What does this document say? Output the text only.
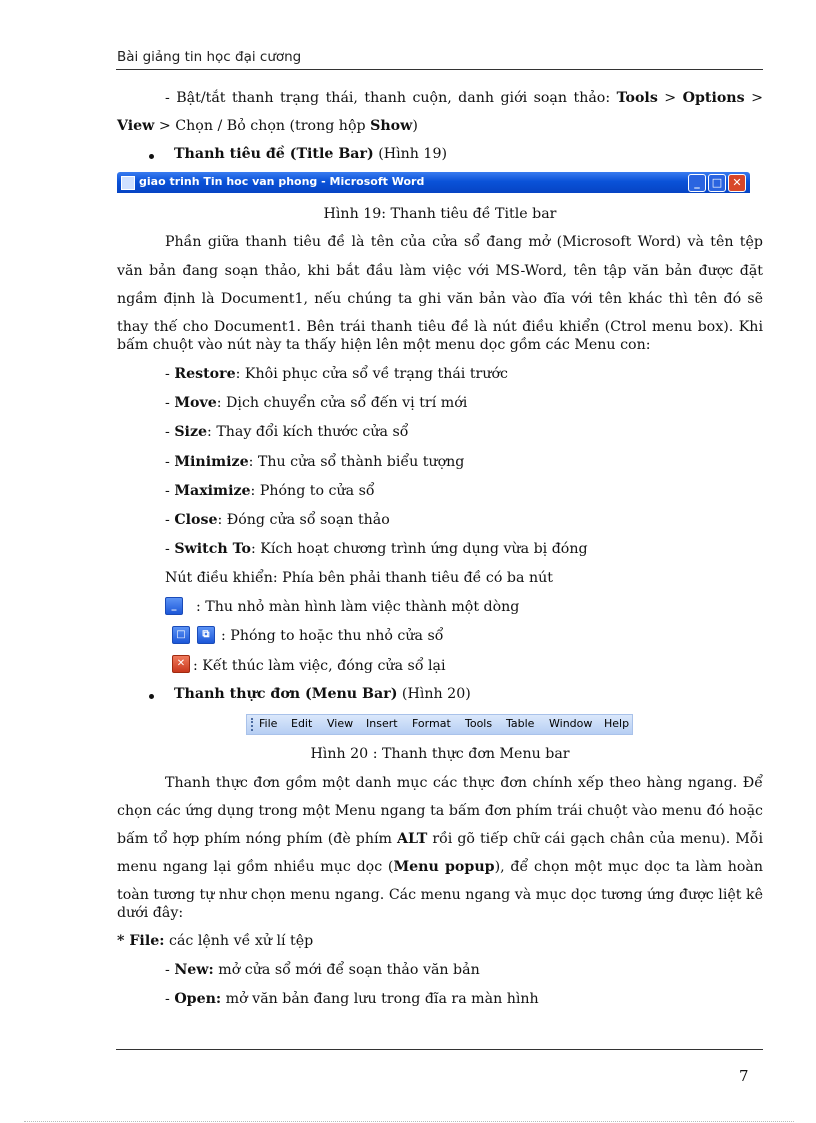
Bài giảng tin học đại cương
- Bật/tắt thanh trạng thái, thanh cuộn, danh giới soạn thảo: Tools > Options >
View > Chọn / Bỏ chọn (trong hộp Show)
Thanh tiêu đề (Title Bar) (Hình 19)
giao trinh Tin hoc van phong - Microsoft Word	_	□ ✕
Hình 19: Thanh tiêu đề Title bar
Phần giữa thanh tiêu đề là tên của cửa sổ đang mở (Microsoft Word) và tên tệp
văn bản đang soạn thảo, khi bắt đầu làm việc với MS-Word, tên tập văn bản được đặt
ngầm định là Document1, nếu chúng ta ghi văn bản vào đĩa với tên khác thì tên đó sẽ
thay thế cho Document1. Bên trái thanh tiêu đề là nút điều khiển (Ctrol menu box). Khi
bấm chuột vào nút này ta thấy hiện lên một menu dọc gồm các Menu con:
- Restore: Khôi phục cửa sổ về trạng thái trước
- Move: Dịch chuyển cửa sổ đến vị trí mới
- Size: Thay đổi kích thước cửa sổ
- Minimize: Thu cửa sổ thành biểu tượng
- Maximize: Phóng to cửa sổ
- Close: Đóng cửa sổ soạn thảo
- Switch To: Kích hoạt chương trình ứng dụng vừa bị đóng
Nút điều khiển: Phía bên phải thanh tiêu đề có ba nút
_	: Thu nhỏ màn hình làm việc thành một dòng
□	⧉ : Phóng to hoặc thu nhỏ cửa sổ
✕ : Kết thúc làm việc, đóng cửa sổ lại
Thanh thực đơn (Menu Bar) (Hình 20)
File Edit View Insert Format Tools Table Window Help
Hình 20 : Thanh thực đơn Menu bar
Thanh thực đơn gồm một danh mục các thực đơn chính xếp theo hàng ngang. Để
chọn các ứng dụng trong một Menu ngang ta bấm đơn phím trái chuột vào menu đó hoặc
bấm tổ hợp phím nóng phím (đè phím ALT rồi gõ tiếp chữ cái gạch chân của menu). Mỗi
menu ngang lại gồm nhiều mục dọc (Menu popup), để chọn một mục dọc ta làm hoàn
toàn tương tự như chọn menu ngang. Các menu ngang và mục dọc tương ứng được liệt kê
dưới đây:
* File: các lệnh về xử lí tệp
- New: mở cửa sổ mới để soạn thảo văn bản
- Open: mở văn bản đang lưu trong đĩa ra màn hình
7
